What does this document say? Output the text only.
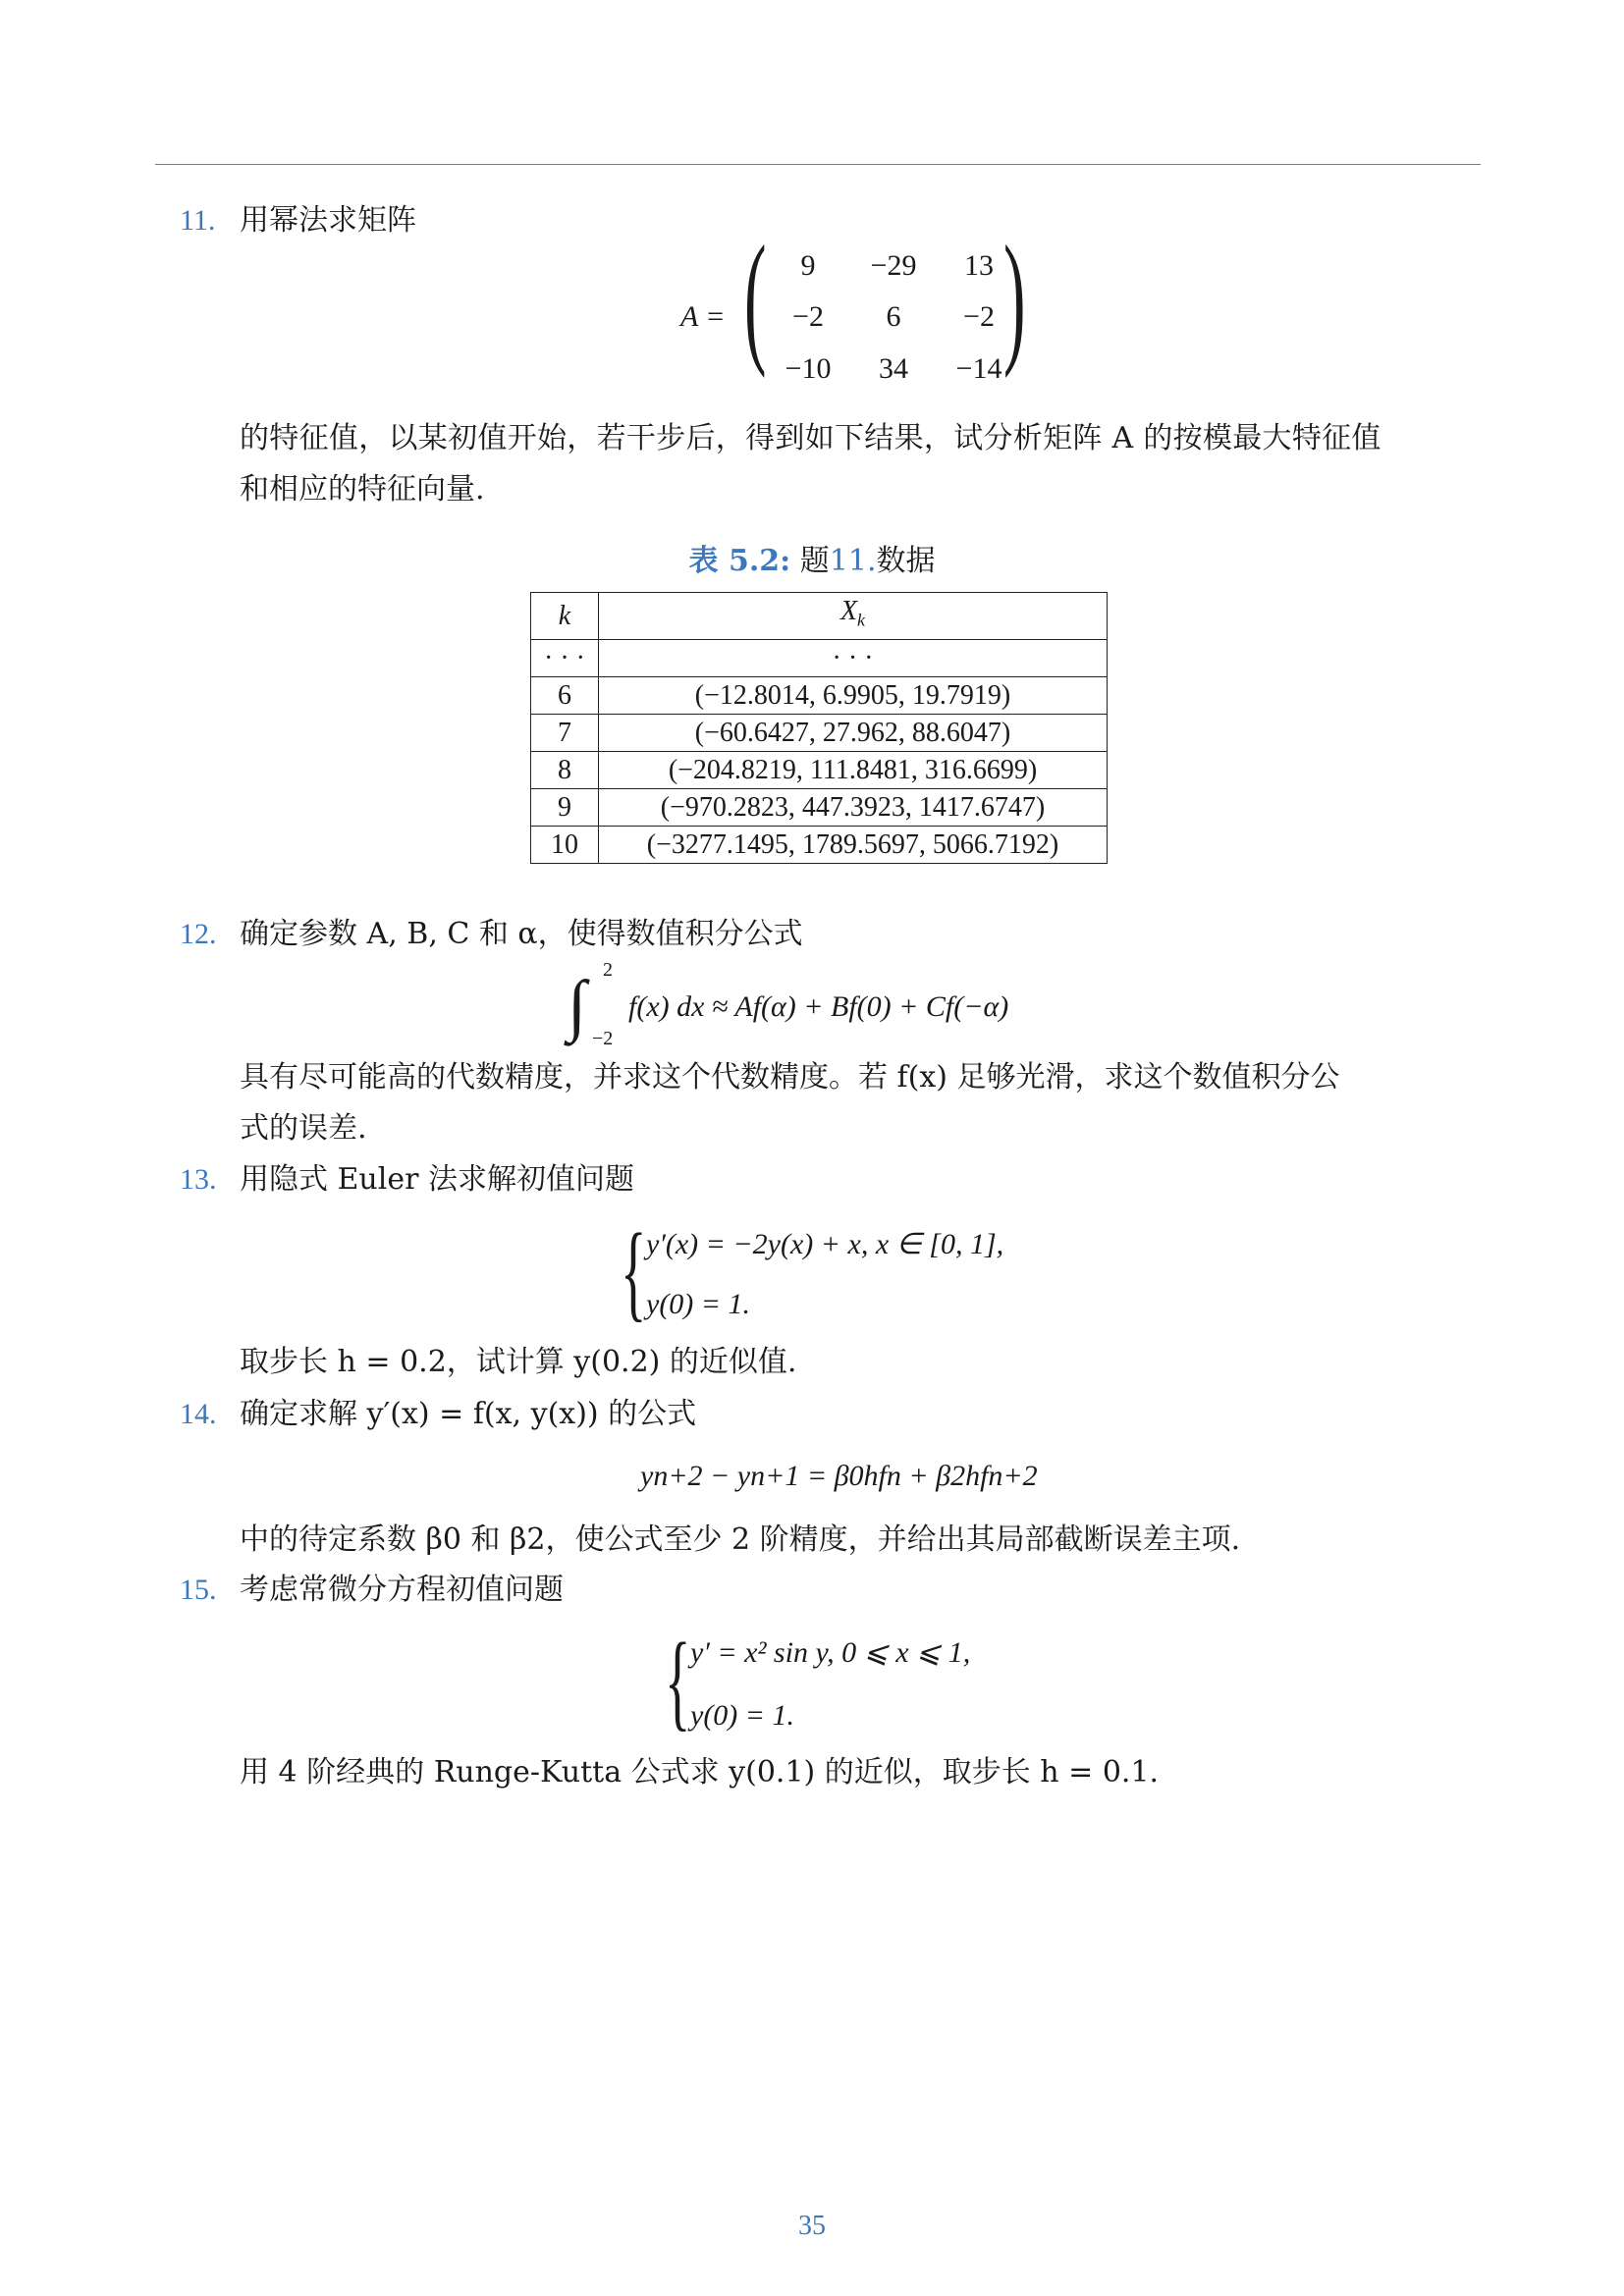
11. 用幂法求矩阵
A = ( )
9	−29	13
−2	6	−2
−10	34	−14
的特征值，以某初值开始，若干步后，得到如下结果，试分析矩阵 A 的按模最大特征值
和相应的特征向量.
表 5.2: 题11.数据
k	$X_k$
· · ·	· · ·
6	(−12.8014, 6.9905, 19.7919)
7	(−60.6427, 27.962, 88.6047)
8	(−204.8219, 111.8481, 316.6699)
9	(−970.2823, 447.3923, 1417.6747)
10	(−3277.1495, 1789.5697, 5066.7192)
12. 确定参数 A, B, C 和 α，使得数值积分公式
∫ 2
−2
f(x) dx ≈ Af(α) + Bf(0) + Cf(−α)
具有尽可能高的代数精度，并求这个代数精度。若 f(x) 足够光滑，求这个数值积分公
式的误差.
13. 用隐式 Euler 法求解初值问题
{ y′(x) = −2y(x) + x, x ∈ [0, 1],
y(0) = 1.
取步长 h = 0.2，试计算 y(0.2) 的近似值.
14. 确定求解 y′(x) = f(x, y(x)) 的公式
yn+2 − yn+1 = β0hfn + β2hfn+2
中的待定系数 β0 和 β2，使公式至少 2 阶精度，并给出其局部截断误差主项.
15. 考虑常微分方程初值问题
{ y′ = x² sin y, 0 ⩽ x ⩽ 1,
y(0) = 1.
用 4 阶经典的 Runge-Kutta 公式求 y(0.1) 的近似，取步长 h = 0.1.
35
